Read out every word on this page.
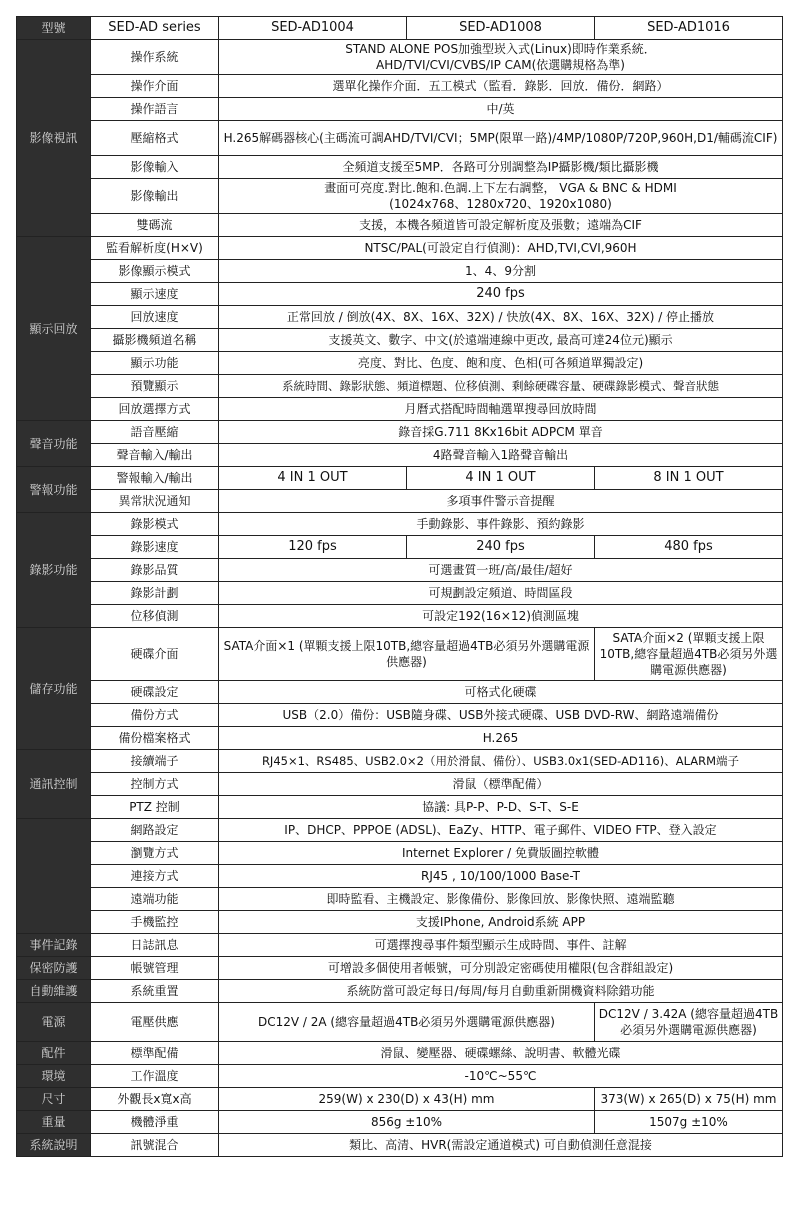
型號	SED-AD series	SED-AD1004	SED-AD1008	SED-AD1016
影像視訊	操作系統	STAND ALONE POS加強型崁入式(Linux)即時作業系統．
AHD/TVI/CVI/CVBS/IP CAM(依選購規格為準)		
	操作介面	選單化操作介面．五工模式（監看．錄影．回放．備份．網路）		
	操作語言	中/英		
	壓縮格式	H.265解碼器核心(主碼流可調AHD/TVI/CVI；5MP(限單一路)/4MP/1080P/720P,960H,D1/輔碼流CIF)		
	影像輸入	全頻道支援至5MP．各路可分別調整為IP攝影機/類比攝影機		
	影像輸出	畫面可亮度.對比.飽和.色調.上下左右調整， VGA & BNC & HDMI
(1024x768、1280x720、1920x1080)		
	雙碼流	支援，本機各頻道皆可設定解析度及張數；遠端為CIF		
顯示回放	監看解析度(H×V)	NTSC/PAL(可設定自行偵測)：AHD,TVI,CVI,960H		
	影像顯示模式	1、4、9分割		
	顯示速度	240 fps		
	回放速度	正常回放 / 倒放(4X、8X、16X、32X) / 快放(4X、8X、16X、32X) / 停止播放		
	攝影機頻道名稱	支援英文、數字、中文(於遠端連線中更改, 最高可達24位元)顯示		
	顯示功能	亮度、對比、色度、飽和度、色相(可各頻道單獨設定)		
	預覽顯示	系統時間、錄影狀態、頻道標題、位移偵測、剩餘硬碟容量、硬碟錄影模式、聲音狀態		
	回放選擇方式	月曆式搭配時間軸選單搜尋回放時間		
聲音功能	語音壓縮	錄音採G.711 8Kx16bit ADPCM 單音		
	聲音輸入/輸出	4路聲音輸入1路聲音輸出		
警報功能	警報輸入/輸出	4 IN 1 OUT	4 IN 1 OUT	8 IN 1 OUT
	異常狀況通知	多項事件警示音提醒		
錄影功能	錄影模式	手動錄影、事件錄影、預約錄影		
	錄影速度	120 fps	240 fps	480 fps
	錄影品質	可選畫質一班/高/最佳/超好		
	錄影計劃	可規劃設定頻道、時間區段		
	位移偵測	可設定192(16×12)偵測區塊		
儲存功能	硬碟介面	SATA介面×1 (單顆支援上限10TB,總容量超過4TB必須另外選購電源供應器)		SATA介面×2 (單顆支援上限10TB,總容量超過4TB必須另外選購電源供應器)
	硬碟設定	可格式化硬碟		
	備份方式	USB（2.0）備份：USB隨身碟、USB外接式硬碟、USB DVD-RW、網路遠端備份		
	備份檔案格式	H.265		
通訊控制	接續端子	RJ45×1、RS485、USB2.0×2（用於滑鼠、備份）、USB3.0x1(SED-AD116)、ALARM端子		
	控制方式	滑鼠（標準配備）		
	PTZ 控制	協議: 具P-P、P-D、S-T、S-E		
	網路設定	IP、DHCP、PPPOE (ADSL)、EaZy、HTTP、電子郵件、VIDEO FTP、登入設定		
	瀏覽方式	Internet Explorer / 免費版圖控軟體		
	連接方式	RJ45 , 10/100/1000 Base-T		
	遠端功能	即時監看、主機設定、影像備份、影像回放、影像快照、遠端監聽		
	手機監控	支援IPhone, Android系統 APP		
事件記錄	日誌訊息	可選擇搜尋事件類型顯示生成時間、事件、註解		
保密防護	帳號管理	可增設多個使用者帳號，可分別設定密碼使用權限(包含群組設定)		
自動維護	系統重置	系統防當可設定每日/每周/每月自動重新開機資料除錯功能		
電源	電壓供應	DC12V / 2A (總容量超過4TB必須另外選購電源供應器)		DC12V / 3.42A (總容量超過4TB必須另外選購電源供應器)
配件	標準配備	滑鼠、變壓器、硬碟螺絲、說明書、軟體光碟		
環境	工作溫度	-10℃~55℃		
尺寸	外觀長x寬x高	259(W) x 230(D) x 43(H) mm		373(W) x 265(D) x 75(H) mm
重量	機體淨重	856g ±10%		1507g ±10%
系統說明	訊號混合	類比、高清、HVR(需設定通道模式) 可自動偵測任意混接		
